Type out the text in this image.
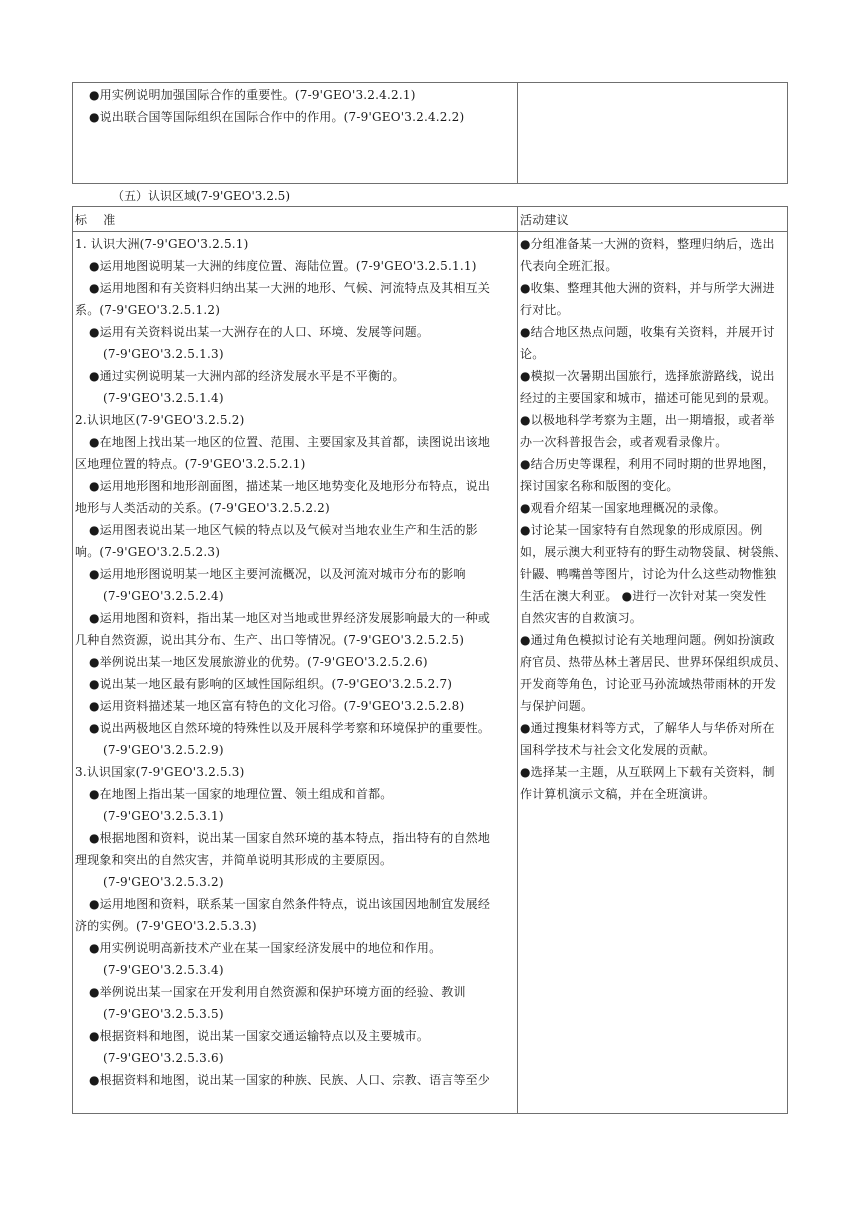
●用实例说明加强国际合作的重要性。(7-9'GEO'3.2.4.2.1)
●说出联合国等国际组织在国际合作中的作用。(7-9'GEO'3.2.4.2.2)
（五）认识区域(7-9'GEO'3.2.5)
标    准	活动建议
1. 认识大洲(7-9'GEO'3.2.5.1)
●运用地图说明某一大洲的纬度位置、海陆位置。(7-9'GEO'3.2.5.1.1)
●运用地图和有关资料归纳出某一大洲的地形、气候、河流特点及其相互关
系。(7-9'GEO'3.2.5.1.2)
●运用有关资料说出某一大洲存在的人口、环境、发展等问题。
(7-9'GEO'3.2.5.1.3)
●通过实例说明某一大洲内部的经济发展水平是不平衡的。
(7-9'GEO'3.2.5.1.4)
2.认识地区(7-9'GEO'3.2.5.2)
●在地图上找出某一地区的位置、范围、主要国家及其首都，读图说出该地
区地理位置的特点。(7-9'GEO'3.2.5.2.1)
●运用地形图和地形剖面图，描述某一地区地势变化及地形分布特点，说出
地形与人类活动的关系。(7-9'GEO'3.2.5.2.2)
●运用图表说出某一地区气候的特点以及气候对当地农业生产和生活的影
响。(7-9'GEO'3.2.5.2.3)
●运用地形图说明某一地区主要河流概况，以及河流对城市分布的影响
(7-9'GEO'3.2.5.2.4)
●运用地图和资料，指出某一地区对当地或世界经济发展影响最大的一种或
几种自然资源，说出其分布、生产、出口等情况。(7-9'GEO'3.2.5.2.5)
●举例说出某一地区发展旅游业的优势。(7-9'GEO'3.2.5.2.6)
●说出某一地区最有影响的区域性国际组织。(7-9'GEO'3.2.5.2.7)
●运用资料描述某一地区富有特色的文化习俗。(7-9'GEO'3.2.5.2.8)
●说出两极地区自然环境的特殊性以及开展科学考察和环境保护的重要性。
(7-9'GEO'3.2.5.2.9)
3.认识国家(7-9'GEO'3.2.5.3)
●在地图上指出某一国家的地理位置、领土组成和首都。
(7-9'GEO'3.2.5.3.1)
●根据地图和资料，说出某一国家自然环境的基本特点，指出特有的自然地
理现象和突出的自然灾害，并简单说明其形成的主要原因。
(7-9'GEO'3.2.5.3.2)
●运用地图和资料，联系某一国家自然条件特点，说出该国因地制宜发展经
济的实例。(7-9'GEO'3.2.5.3.3)
●用实例说明高新技术产业在某一国家经济发展中的地位和作用。
(7-9'GEO'3.2.5.3.4)
●举例说出某一国家在开发利用自然资源和保护环境方面的经验、教训
(7-9'GEO'3.2.5.3.5)
●根据资料和地图，说出某一国家交通运输特点以及主要城市。
(7-9'GEO'3.2.5.3.6)
●根据资料和地图，说出某一国家的种族、民族、人口、宗教、语言等至少
●分组准备某一大洲的资料，整理归纳后，选出
代表向全班汇报。
●收集、整理其他大洲的资料，并与所学大洲进
行对比。
●结合地区热点问题，收集有关资料，并展开讨
论。
●模拟一次暑期出国旅行，选择旅游路线，说出
经过的主要国家和城市，描述可能见到的景观。
●以极地科学考察为主题，出一期墙报，或者举
办一次科普报告会，或者观看录像片。
●结合历史等课程，利用不同时期的世界地图，
探讨国家名称和版图的变化。
●观看介绍某一国家地理概况的录像。
●讨论某一国家特有自然现象的形成原因。例
如，展示澳大利亚特有的野生动物袋鼠、树袋熊、
针鼹、鸭嘴兽等图片，讨论为什么这些动物惟独
生活在澳大利亚。 ●进行一次针对某一突发性
自然灾害的自救演习。
●通过角色模拟讨论有关地理问题。例如扮演政
府官员、热带丛林土著居民、世界环保组织成员、
开发商等角色，讨论亚马孙流域热带雨林的开发
与保护问题。
●通过搜集材料等方式，了解华人与华侨对所在
国科学技术与社会文化发展的贡献。
●选择某一主题，从互联网上下载有关资料，制
作计算机演示文稿，并在全班演讲。
